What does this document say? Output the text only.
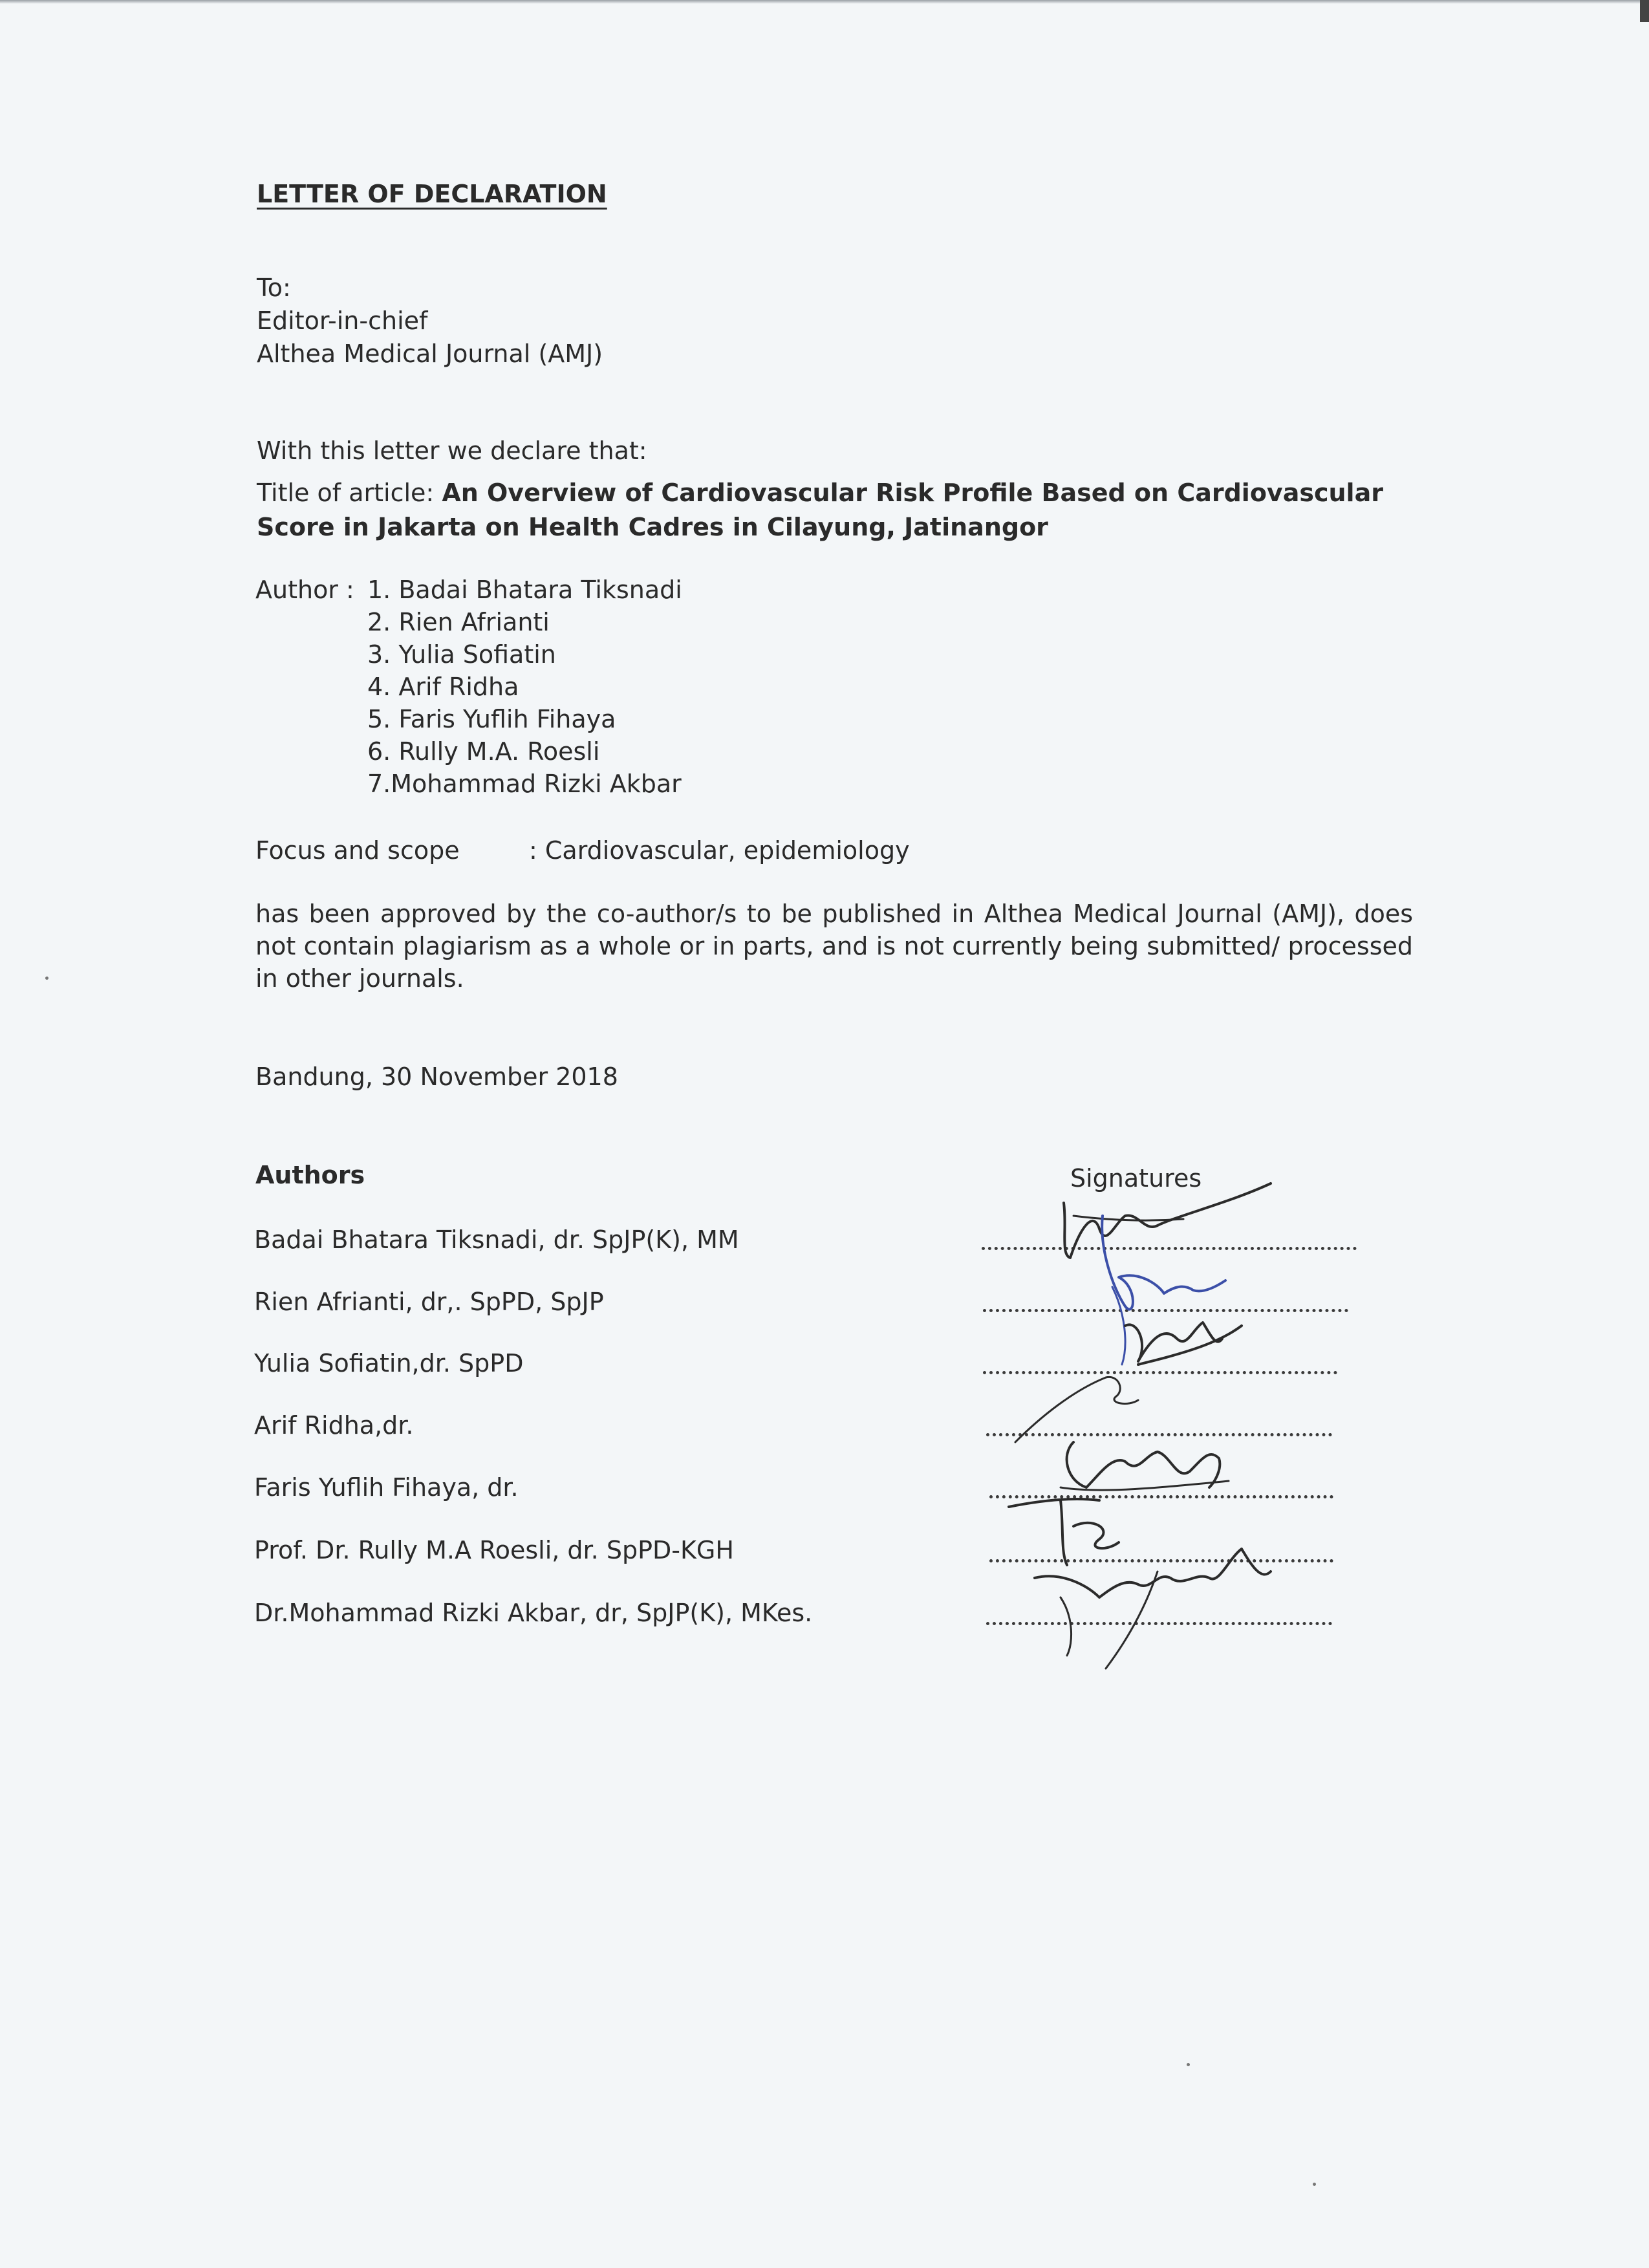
LETTER OF DECLARATION

To:

Editor-in-chief

Althea Medical Journal (AMJ)

With this letter we declare that:

Title of article: An Overview of Cardiovascular Risk Profile Based on Cardiovascular

Score in Jakarta on Health Cadres in Cilayung, Jatinangor

Author : 1. Badai Bhatara Tiksnadi

2. Rien Afrianti

3. Yulia Sofiatin

4. Arif Ridha

5. Faris Yuflih Fihaya

6. Rully M.A. Roesli

7.Mohammad Rizki Akbar

Focus and scope	: Cardiovascular, epidemiology

has been approved by the co-author/s to be published in Althea Medical Journal (AMJ), does not contain plagiarism as a whole or in parts, and is not currently being submitted/ processed in other journals.

Bandung, 30 November 2018

Authors	Signatures

Badai Bhatara Tiksnadi, dr. SpJP(K), MM

Rien Afrianti, dr,. SpPD, SpJP

Yulia Sofiatin,dr. SpPD

Arif Ridha,dr.

Faris Yuflih Fihaya, dr.

Prof. Dr. Rully M.A Roesli, dr. SpPD-KGH

Dr.Mohammad Rizki Akbar, dr, SpJP(K), MKes.
